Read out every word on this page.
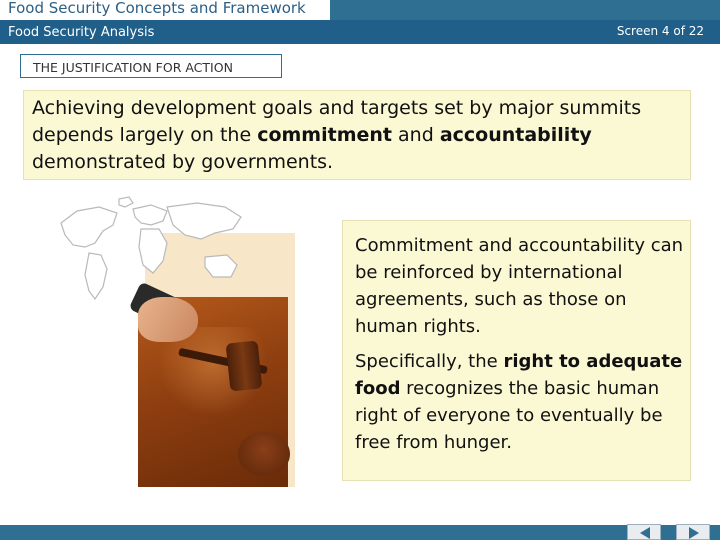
Food Security Concepts and Framework
Food Security Analysis	Screen 4 of 22
THE JUSTIFICATION FOR ACTION
Achieving development goals and targets set by major summits depends largely on the commitment and accountability demonstrated by governments.
Commitment and accountability can be reinforced by international agreements, such as those on human rights.
Specifically, the right to adequate food recognizes the basic human right of everyone to eventually be free from hunger.
